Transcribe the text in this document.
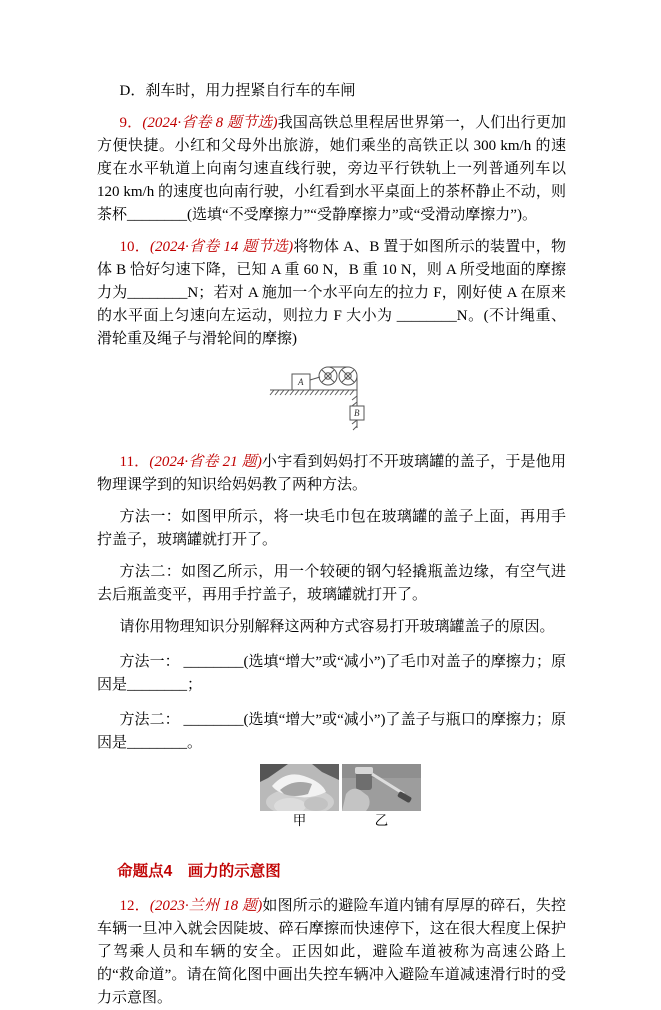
D．刹车时，用力捏紧自行车的车闸

9．(2024·省卷 8 题节选)我国高铁总里程居世界第一，人们出行更加方便快捷。小红和父母外出旅游，她们乘坐的高铁正以 300 km/h 的速度在水平轨道上向南匀速直线行驶，旁边平行铁轨上一列普通列车以 120 km/h 的速度也向南行驶，小红看到水平桌面上的茶杯静止不动，则茶杯________(选填“不受摩擦力”“受静摩擦力”或“受滑动摩擦力”)。

10．(2024·省卷 14 题节选)将物体 A、B 置于如图所示的装置中，物体 B 恰好匀速下降，已知 A 重 60 N，B 重 10 N，则 A 所受地面的摩擦力为________N；若对 A 施加一个水平向左的拉力 F，刚好使 A 在原来的水平面上匀速向左运动，则拉力 F 大小为 ________N。(不计绳重、滑轮重及绳子与滑轮间的摩擦)

A
B

11．(2024·省卷 21 题)小宇看到妈妈打不开玻璃罐的盖子，于是他用物理课学到的知识给妈妈教了两种方法。

方法一：如图甲所示，将一块毛巾包在玻璃罐的盖子上面，再用手拧盖子，玻璃罐就打开了。

方法二：如图乙所示，用一个较硬的钢勺轻撬瓶盖边缘，有空气进去后瓶盖变平，再用手拧盖子，玻璃罐就打开了。

请你用物理知识分别解释这两种方式容易打开玻璃罐盖子的原因。

方法一： ________(选填“增大”或“减小”)了毛巾对盖子的摩擦力；原因是________；

方法二： ________(选填“增大”或“减小”)了盖子与瓶口的摩擦力；原因是________。

甲	乙
命题点4　画力的示意图

12．(2023·兰州 18 题)如图所示的避险车道内铺有厚厚的碎石，失控车辆一旦冲入就会因陡坡、碎石摩擦而快速停下，这在很大程度上保护了驾乘人员和车辆的安全。正因如此，避险车道被称为高速公路上的“救命道”。请在简化图中画出失控车辆冲入避险车道减速滑行时的受力示意图。
